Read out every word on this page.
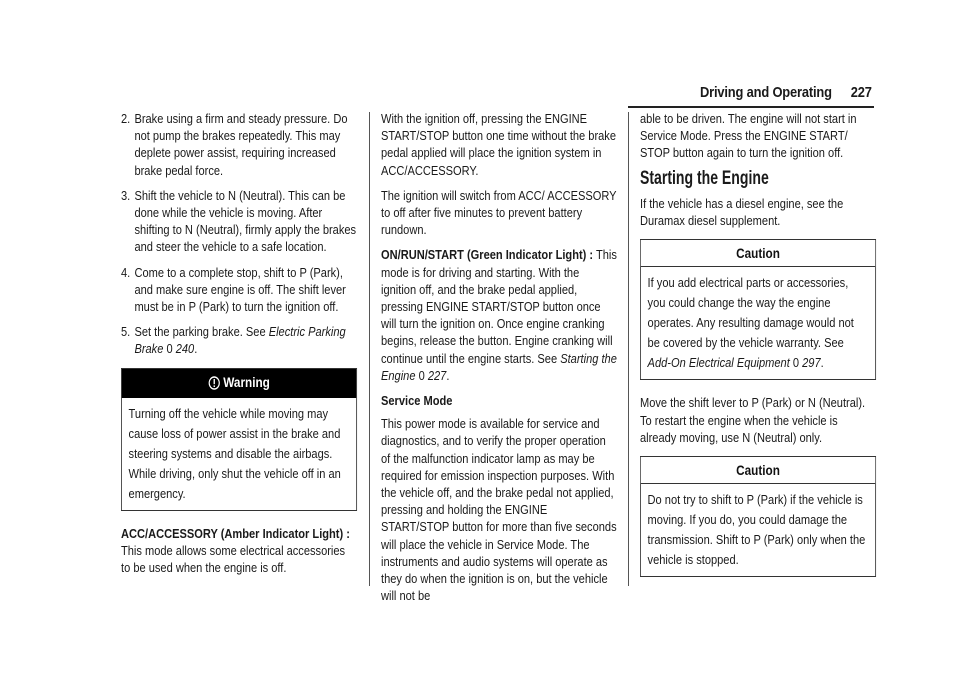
Driving and Operating 227
2. Brake using a firm and steady pressure. Do not pump the brakes repeatedly. This may deplete power assist, requiring increased brake pedal force.
3. Shift the vehicle to N (Neutral). This can be done while the vehicle is moving. After shifting to N (Neutral), firmly apply the brakes and steer the vehicle to a safe location.
4. Come to a complete stop, shift to P (Park), and make sure engine is off. The shift lever must be in P (Park) to turn the ignition off.
5. Set the parking brake. See Electric Parking Brake 0 240.
Warning
Turning off the vehicle while moving may cause loss of power assist in the brake and steering systems and disable the airbags. While driving, only shut the vehicle off in an emergency.

ACC/ACCESSORY (Amber Indicator Light) :
This mode allows some electrical accessories to be used when the engine is off.

With the ignition off, pressing the ENGINE START/STOP button one time without the brake pedal applied will place the ignition system in ACC/ACCESSORY.

The ignition will switch from ACC/ ACCESSORY to off after five minutes to prevent battery rundown.

ON/RUN/START (Green Indicator Light) : This mode is for driving and starting. With the ignition off, and the brake pedal applied, pressing ENGINE START/STOP button once will turn the ignition on. Once engine cranking begins, release the button. Engine cranking will continue until the engine starts. See Starting the Engine 0 227.

Service Mode

This power mode is available for service and diagnostics, and to verify the proper operation of the malfunction indicator lamp as may be required for emission inspection purposes. With the vehicle off, and the brake pedal not applied, pressing and holding the ENGINE START/STOP button for more than five seconds will place the vehicle in Service Mode. The instruments and audio systems will operate as they do when the ignition is on, but the vehicle will not be

able to be driven. The engine will not start in Service Mode. Press the ENGINE START/ STOP button again to turn the ignition off.

Starting the Engine

If the vehicle has a diesel engine, see the Duramax diesel supplement.

Caution
If you add electrical parts or accessories, you could change the way the engine operates. Any resulting damage would not be covered by the vehicle warranty. See Add-On Electrical Equipment 0 297.

Move the shift lever to P (Park) or N (Neutral). To restart the engine when the vehicle is already moving, use N (Neutral) only.

Caution
Do not try to shift to P (Park) if the vehicle is moving. If you do, you could damage the transmission. Shift to P (Park) only when the vehicle is stopped.
